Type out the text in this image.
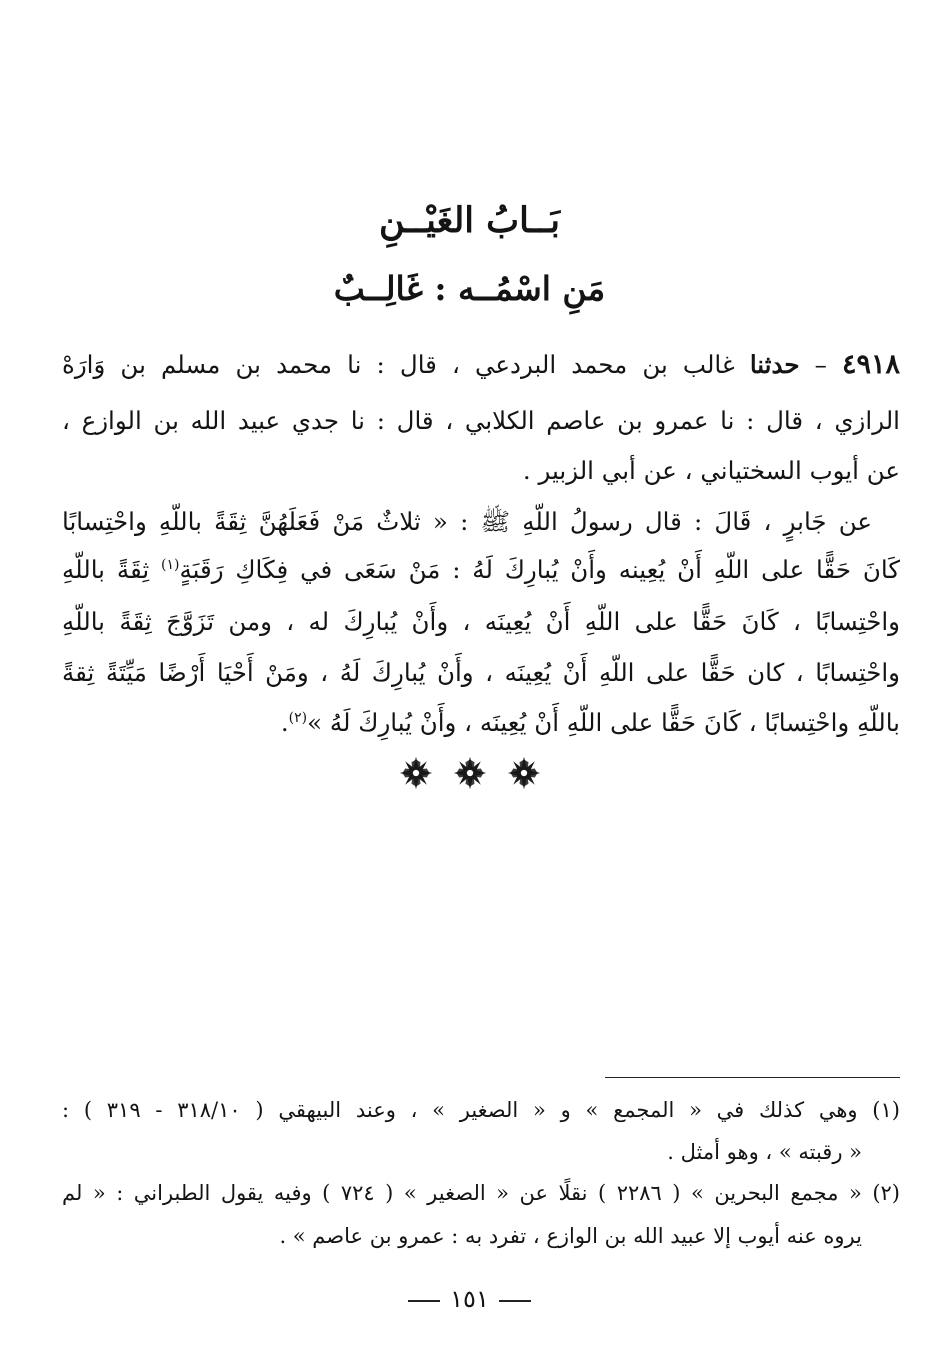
بَــابُ الغَيْــنِ
مَنِ اسْمُــه : غَالِــبٌ
٤٩١٨ – حدثنا غالب بن محمد البردعي ، قال : نا محمد بن مسلم بن وَارَهْ
الرازي ، قال : نا عمرو بن عاصم الكلابي ، قال : نا جدي عبيد الله بن الوازع ،
عن أيوب السختياني ، عن أبي الزبير .
عن جَابرٍ ، قَالَ : قال رسولُ اللّهِ ﷺ : « ثلاثٌ مَنْ فَعَلَهُنَّ ثِقَةً باللّهِ واحْتِسابًا
كَانَ حَقًّا على اللّهِ أَنْ يُعِينه وأَنْ يُبارِكَ لَهُ : مَنْ سَعَى في فِكَاكِ رَقَبَةٍ$^{(١)}$ ثِقَةً باللّهِ
واحْتِسابًا ، كَانَ حَقًّا على اللّهِ أَنْ يُعِينَه ، وأَنْ يُبارِكَ له ، ومن تَزَوَّجَ ثِقَةً باللّهِ
واحْتِسابًا ، كان حَقًّا على اللّهِ أَنْ يُعِينَه ، وأَنْ يُبارِكَ لَهُ ، ومَنْ أَحْيَا أَرْضًا مَيِّتَةً ثِقةً
باللّهِ واحْتِسابًا ، كَانَ حَقًّا على اللّهِ أَنْ يُعِينَه ، وأَنْ يُبارِكَ لَهُ »$^{(٢)}$.
(١) وهي كذلك في « المجمع » و « الصغير » ، وعند البيهقي ( ٣١٨/١٠ - ٣١٩ ) :
« رقبته » ، وهو أمثل .
(٢) « مجمع البحرين » ( ٢٢٨٦ ) نقلًا عن « الصغير » ( ٧٢٤ ) وفيه يقول الطبراني : « لم
يروه عنه أيوب إلا عبيد الله بن الوازع ، تفرد به : عمرو بن عاصم » .
١٥١
